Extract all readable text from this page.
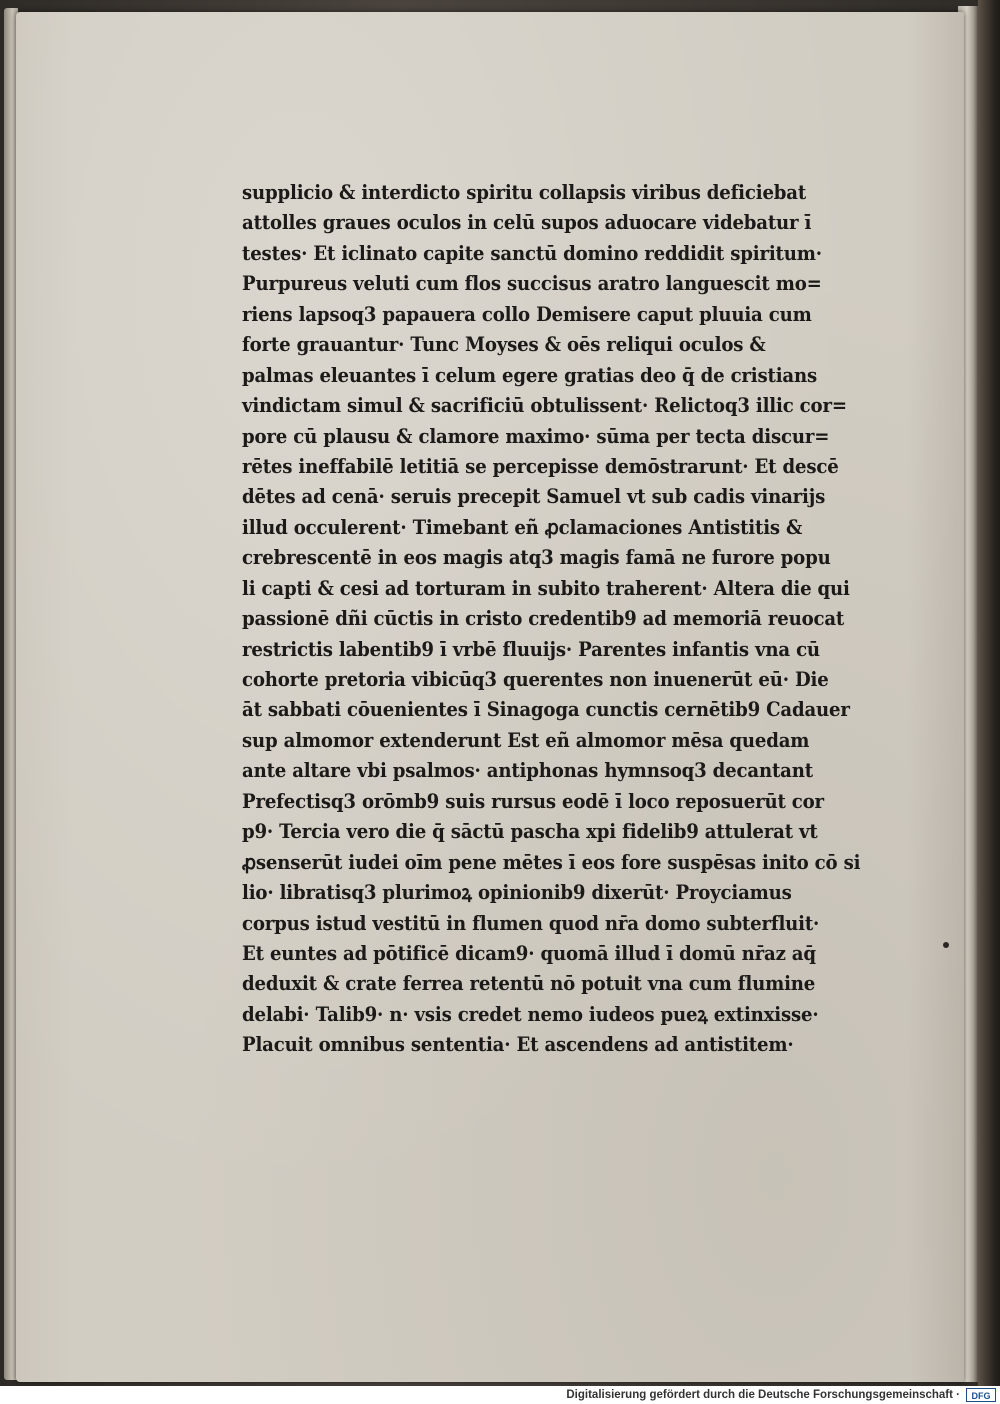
supplicio & interdicto spiritu collapsis viribus deficiebat
attolles graues oculos in celū supos aduocare videbatur ī
testes· Et iclinato capite sanctū domino reddidit spiritum·
Purpureus veluti cum flos succisus aratro languescit mo=
riens lapsoq3 papauera collo Demisere caput pluuia cum
forte grauantur· Tunc Moyses & oēs reliqui oculos &
palmas eleuantes ī celum egere gratias deo q̄ de cristians
vindictam simul & sacrificiū obtulissent· Relictoq3 illic cor=
pore cū plausu & clamore maximo· sūma per tecta discur=
rētes ineffabilē letitiā se percepisse demōstrarunt· Et descē
dētes ad cenā· seruis precepit Samuel vt sub cadis vinarijs
illud occulerent· Timebant eñ ꝓclamaciones Antistitis &
crebrescentē in eos magis atq3 magis famā ne furore popu
li capti & cesi ad torturam in subito traherent· Altera die qui
passionē dñi cūctis in cristo credentib9 ad memoriā reuocat
restrictis labentib9 ī vrbē fluuijs· Parentes infantis vna cū
cohorte pretoria vibicūq3 querentes non inuenerūt eū· Die
āt sabbati cōuenientes ī Sinagoga cunctis cernētib9 Cadauer
sup almomor extenderunt Est eñ almomor mēsa quedam
ante altare vbi psalmos· antiphonas hymnsoq3 decantant
Prefectisq3 orōmb9 suis rursus eodē ī loco reposuerūt cor
p9· Tercia vero die q̄ sāctū pascha xpi fidelib9 attulerat vt
ꝓsenserūt iudei oīm pene mētes ī eos fore suspēsas inito cō si
lio· libratisq3 plurimoꝝ opinionib9 dixerūt· Proyciamus
corpus istud vestitū in flumen quod nr̄a domo subterfluit·
Et euntes ad pōtificē dicam9· quomā illud ī domū nr̄az aq̄
deduxit & crate ferrea retentū nō potuit vna cum flumine
delabi· Talib9· n· vsis credet nemo iudeos pueꝝ extinxisse·
Placuit omnibus sententia· Et ascendens ad antistitem·
Digitalisierung gefördert durch die Deutsche Forschungsgemeinschaft ·	DFG
